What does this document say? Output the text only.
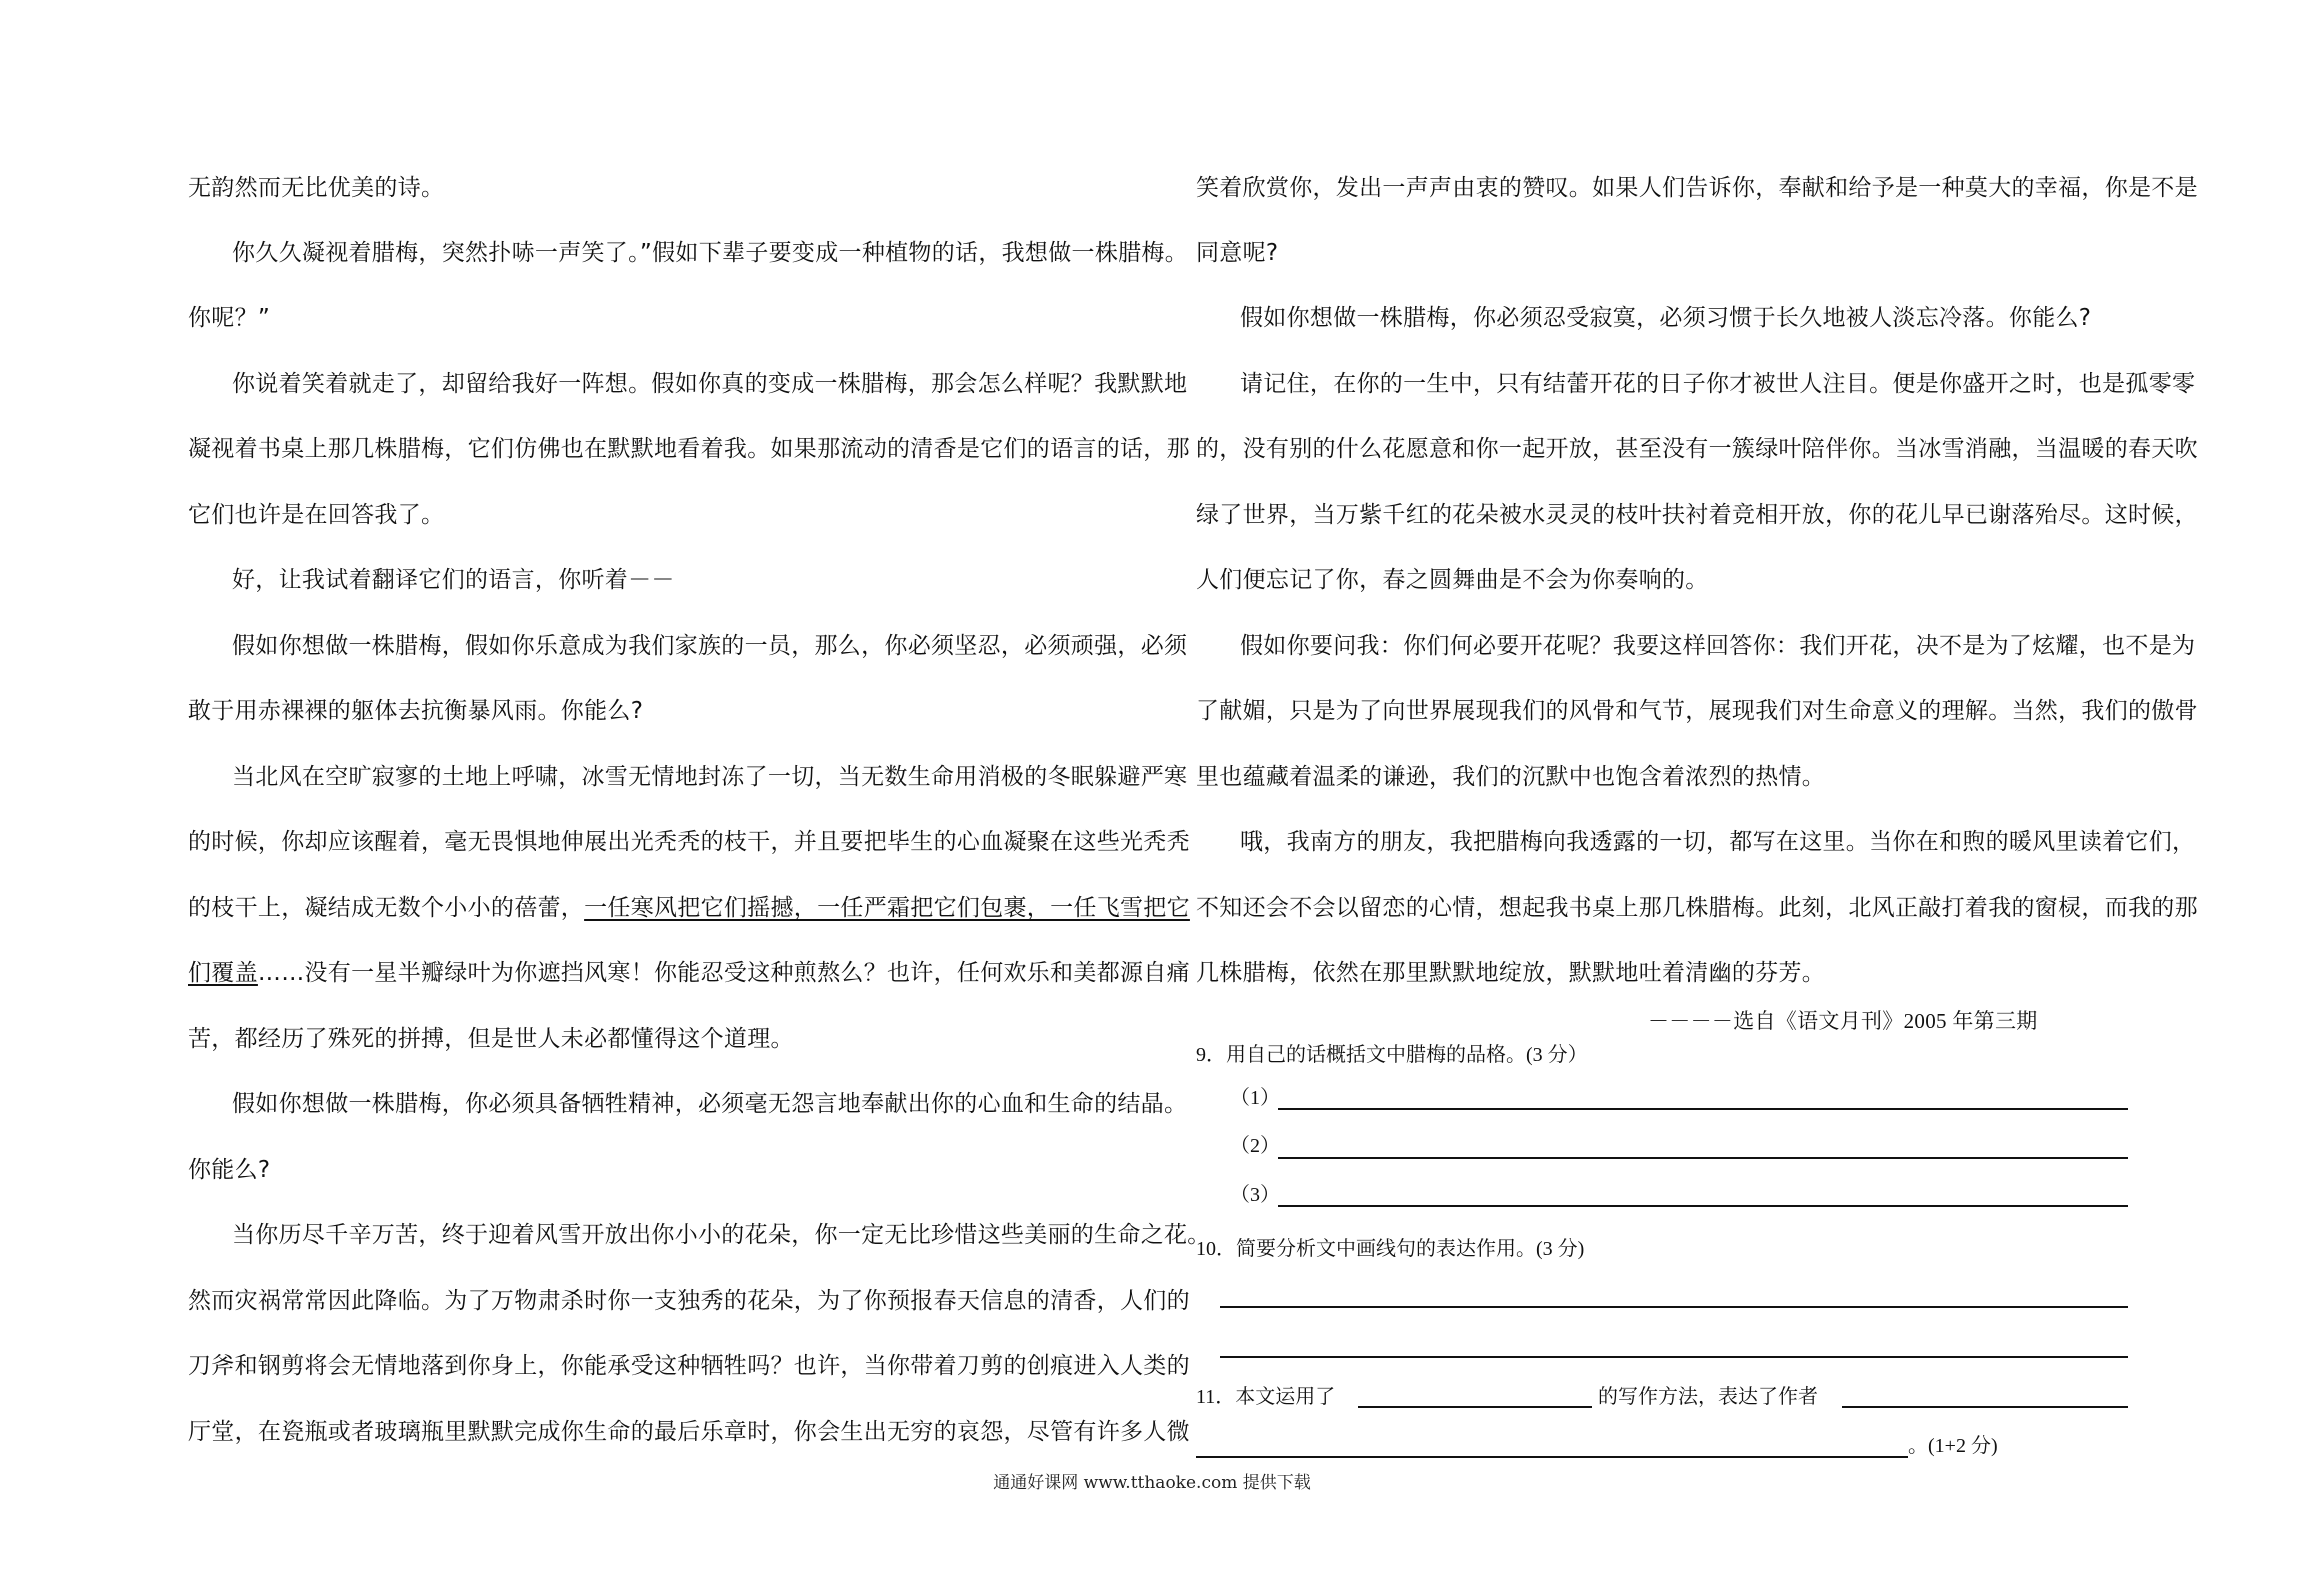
无韵然而无比优美的诗。
你久久凝视着腊梅，突然扑哧一声笑了。”假如下辈子要变成一种植物的话，我想做一株腊梅。
你呢？”
你说着笑着就走了，却留给我好一阵想。假如你真的变成一株腊梅，那会怎么样呢？我默默地
凝视着书桌上那几株腊梅，它们仿佛也在默默地看着我。如果那流动的清香是它们的语言的话，那
它们也许是在回答我了。
好，让我试着翻译它们的语言，你听着－－
假如你想做一株腊梅，假如你乐意成为我们家族的一员，那么，你必须坚忍，必须顽强，必须
敢于用赤裸裸的躯体去抗衡暴风雨。你能么?
当北风在空旷寂寥的土地上呼啸，冰雪无情地封冻了一切，当无数生命用消极的冬眠躲避严寒
的时候，你却应该醒着，毫无畏惧地伸展出光秃秃的枝干，并且要把毕生的心血凝聚在这些光秃秃
的枝干上，凝结成无数个小小的蓓蕾，一任寒风把它们摇撼，一任严霜把它们包裹，一任飞雪把它
们覆盖……没有一星半瓣绿叶为你遮挡风寒！你能忍受这种煎熬么？也许，任何欢乐和美都源自痛
苦，都经历了殊死的拼搏，但是世人未必都懂得这个道理。
假如你想做一株腊梅，你必须具备牺牲精神，必须毫无怨言地奉献出你的心血和生命的结晶。
你能么?
当你历尽千辛万苦，终于迎着风雪开放出你小小的花朵，你一定无比珍惜这些美丽的生命之花。
然而灾祸常常因此降临。为了万物肃杀时你一支独秀的花朵，为了你预报春天信息的清香，人们的
刀斧和钢剪将会无情地落到你身上，你能承受这种牺牲吗？也许，当你带着刀剪的创痕进入人类的
厅堂，在瓷瓶或者玻璃瓶里默默完成你生命的最后乐章时，你会生出无穷的哀怨，尽管有许多人微
笑着欣赏你，发出一声声由衷的赞叹。如果人们告诉你，奉献和给予是一种莫大的幸福，你是不是
同意呢?
假如你想做一株腊梅，你必须忍受寂寞，必须习惯于长久地被人淡忘冷落。你能么?
请记住，在你的一生中，只有结蕾开花的日子你才被世人注目。便是你盛开之时，也是孤零零
的，没有别的什么花愿意和你一起开放，甚至没有一簇绿叶陪伴你。当冰雪消融，当温暖的春天吹
绿了世界，当万紫千红的花朵被水灵灵的枝叶扶衬着竞相开放，你的花儿早已谢落殆尽。这时候，
人们便忘记了你，春之圆舞曲是不会为你奏响的。
假如你要问我：你们何必要开花呢？我要这样回答你：我们开花，决不是为了炫耀，也不是为
了献媚，只是为了向世界展现我们的风骨和气节，展现我们对生命意义的理解。当然，我们的傲骨
里也蕴藏着温柔的谦逊，我们的沉默中也饱含着浓烈的热情。
哦，我南方的朋友，我把腊梅向我透露的一切，都写在这里。当你在和煦的暖风里读着它们，
不知还会不会以留恋的心情，想起我书桌上那几株腊梅。此刻，北风正敲打着我的窗棂，而我的那
几株腊梅，依然在那里默默地绽放，默默地吐着清幽的芬芳。
－－－－选自《语文月刊》2005 年第三期
9．用自己的话概括文中腊梅的品格。(3 分）
（1）
（2）
（3）
10．简要分析文中画线句的表达作用。(3 分)
11．本文运用了	的写作方法，表达了作者
。(1+2 分)
通通好课网 www.tthaoke.com 提供下载
